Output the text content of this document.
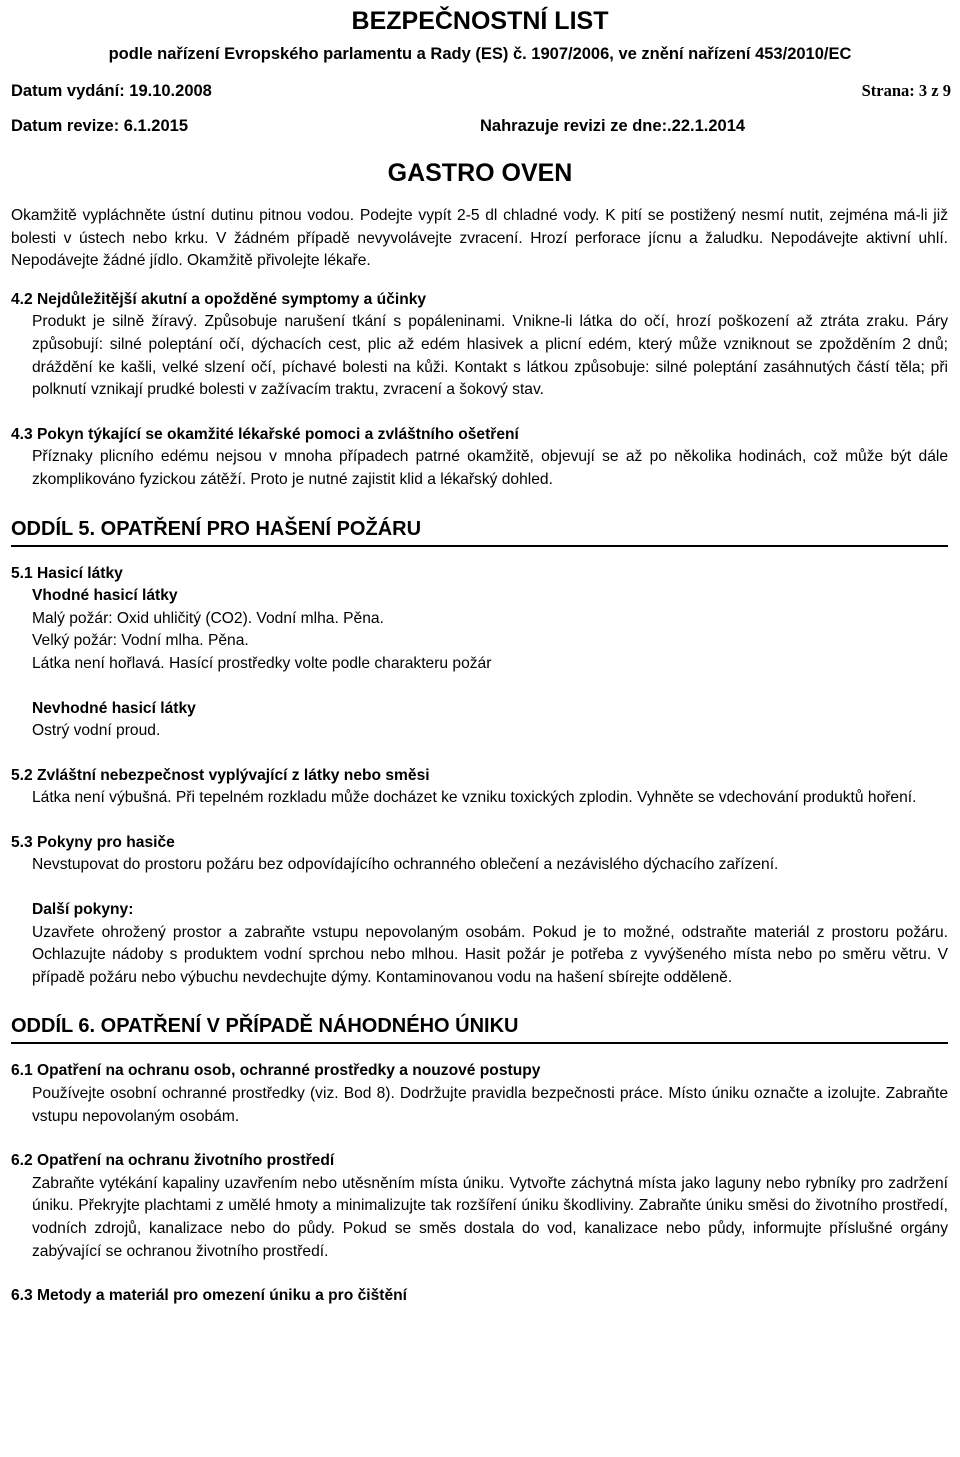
BEZPEČNOSTNÍ LIST
podle nařízení Evropského parlamentu a Rady (ES) č. 1907/2006, ve znění nařízení 453/2010/EC
Datum vydání: 19.10.2008	Strana: 3 z 9
Datum revize: 6.1.2015	Nahrazuje revizi ze dne:.22.1.2014
GASTRO OVEN

Okamžitě vypláchněte ústní dutinu pitnou vodou. Podejte vypít 2-5 dl chladné vody. K pití se postižený nesmí nutit, zejména má-li již bolesti v ústech nebo krku. V žádném případě nevyvolávejte zvracení. Hrozí perforace jícnu a žaludku. Nepodávejte aktivní uhlí. Nepodávejte žádné jídlo. Okamžitě přivolejte lékaře.

4.2 Nejdůležitější akutní a opožděné symptomy a účinky

Produkt je silně žíravý. Způsobuje narušení tkání s popáleninami. Vnikne-li látka do očí, hrozí poškození až ztráta zraku. Páry způsobují: silné poleptání očí, dýchacích cest, plic až edém hlasivek a plicní edém, který může vzniknout se zpožděním 2 dnů; dráždění ke kašli, velké slzení očí, píchavé bolesti na kůži. Kontakt s látkou způsobuje: silné poleptání zasáhnutých částí těla; při polknutí vznikají prudké bolesti v zažívacím traktu, zvracení a šokový stav.

4.3 Pokyn týkající se okamžité lékařské pomoci a zvláštního ošetření

Příznaky plicního edému nejsou v mnoha případech patrné okamžitě, objevují se až po několika hodinách, což může být dále zkomplikováno fyzickou zátěží. Proto je nutné zajistit klid a lékařský dohled.

ODDÍL 5. OPATŘENÍ PRO HAŠENÍ POŽÁRU

5.1 Hasicí látky

Vhodné hasicí látky

Malý požár: Oxid uhličitý (CO2). Vodní mlha. Pěna.

Velký požár: Vodní mlha. Pěna.

Látka není hořlavá. Hasící prostředky volte podle charakteru požár

Nevhodné hasicí látky

Ostrý vodní proud.

5.2 Zvláštní nebezpečnost vyplývající z látky nebo směsi

Látka není výbušná. Při tepelném rozkladu může docházet ke vzniku toxických zplodin. Vyhněte se vdechování produktů hoření.

5.3 Pokyny pro hasiče

Nevstupovat do prostoru požáru bez odpovídajícího ochranného oblečení a nezávislého dýchacího zařízení.

Další pokyny:

Uzavřete ohrožený prostor a zabraňte vstupu nepovolaným osobám. Pokud je to možné, odstraňte materiál z prostoru požáru. Ochlazujte nádoby s produktem vodní sprchou nebo mlhou. Hasit požár je potřeba z vyvýšeného místa nebo po směru větru. V případě požáru nebo výbuchu nevdechujte dýmy. Kontaminovanou vodu na hašení sbírejte odděleně.

ODDÍL 6. OPATŘENÍ V PŘÍPADĚ NÁHODNÉHO ÚNIKU

6.1 Opatření na ochranu osob, ochranné prostředky a nouzové postupy

Používejte osobní ochranné prostředky (viz. Bod 8). Dodržujte pravidla bezpečnosti práce. Místo úniku označte a izolujte. Zabraňte vstupu nepovolaným osobám.

6.2 Opatření na ochranu životního prostředí

Zabraňte vytékání kapaliny uzavřením nebo utěsněním místa úniku. Vytvořte záchytná místa jako laguny nebo rybníky pro zadržení úniku. Překryjte plachtami z umělé hmoty a minimalizujte tak rozšíření úniku škodliviny. Zabraňte úniku směsi do životního prostředí, vodních zdrojů, kanalizace nebo do půdy. Pokud se směs dostala do vod, kanalizace nebo půdy, informujte příslušné orgány zabývající se ochranou životního prostředí.

6.3 Metody a materiál pro omezení úniku a pro čištění
